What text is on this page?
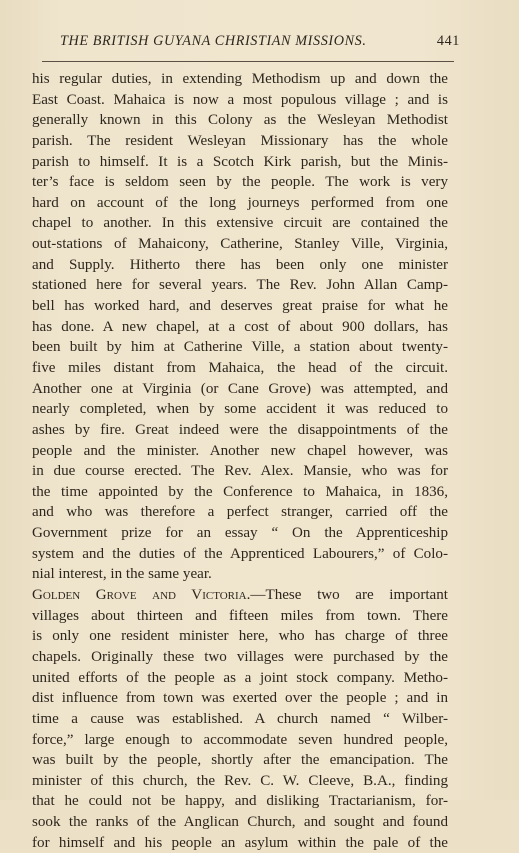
THE BRITISH GUYANA CHRISTIAN MISSIONS.	441
his regular duties, in extending Methodism up and down the
East Coast. Mahaica is now a most populous village ; and is
generally known in this Colony as the Wesleyan Methodist
parish. The resident Wesleyan Missionary has the whole
parish to himself. It is a Scotch Kirk parish, but the Minis-
ter’s face is seldom seen by the people. The work is very
hard on account of the long journeys performed from one
chapel to another. In this extensive circuit are contained the
out-stations of Mahaicony, Catherine, Stanley Ville, Virginia,
and Supply. Hitherto there has been only one minister
stationed here for several years. The Rev. John Allan Camp-
bell has worked hard, and deserves great praise for what he
has done. A new chapel, at a cost of about 900 dollars, has
been built by him at Catherine Ville, a station about twenty-
five miles distant from Mahaica, the head of the circuit.
Another one at Virginia (or Cane Grove) was attempted, and
nearly completed, when by some accident it was reduced to
ashes by fire. Great indeed were the disappointments of the
people and the minister. Another new chapel however, was
in due course erected. The Rev. Alex. Mansie, who was for
the time appointed by the Conference to Mahaica, in 1836,
and who was therefore a perfect stranger, carried off the
Government prize for an essay “ On the Apprenticeship
system and the duties of the Apprenticed Labourers,” of Colo-
nial interest, in the same year.
Golden Grove and Victoria.—These two are important
villages about thirteen and fifteen miles from town. There
is only one resident minister here, who has charge of three
chapels. Originally these two villages were purchased by the
united efforts of the people as a joint stock company. Metho-
dist influence from town was exerted over the people ; and in
time a cause was established. A church named “ Wilber-
force,” large enough to accommodate seven hundred people,
was built by the people, shortly after the emancipation. The
minister of this church, the Rev. C. W. Cleeve, B.A., finding
that he could not be happy, and disliking Tractarianism, for-
sook the ranks of the Anglican Church, and sought and found
for himself and his people an asylum within the pale of the
